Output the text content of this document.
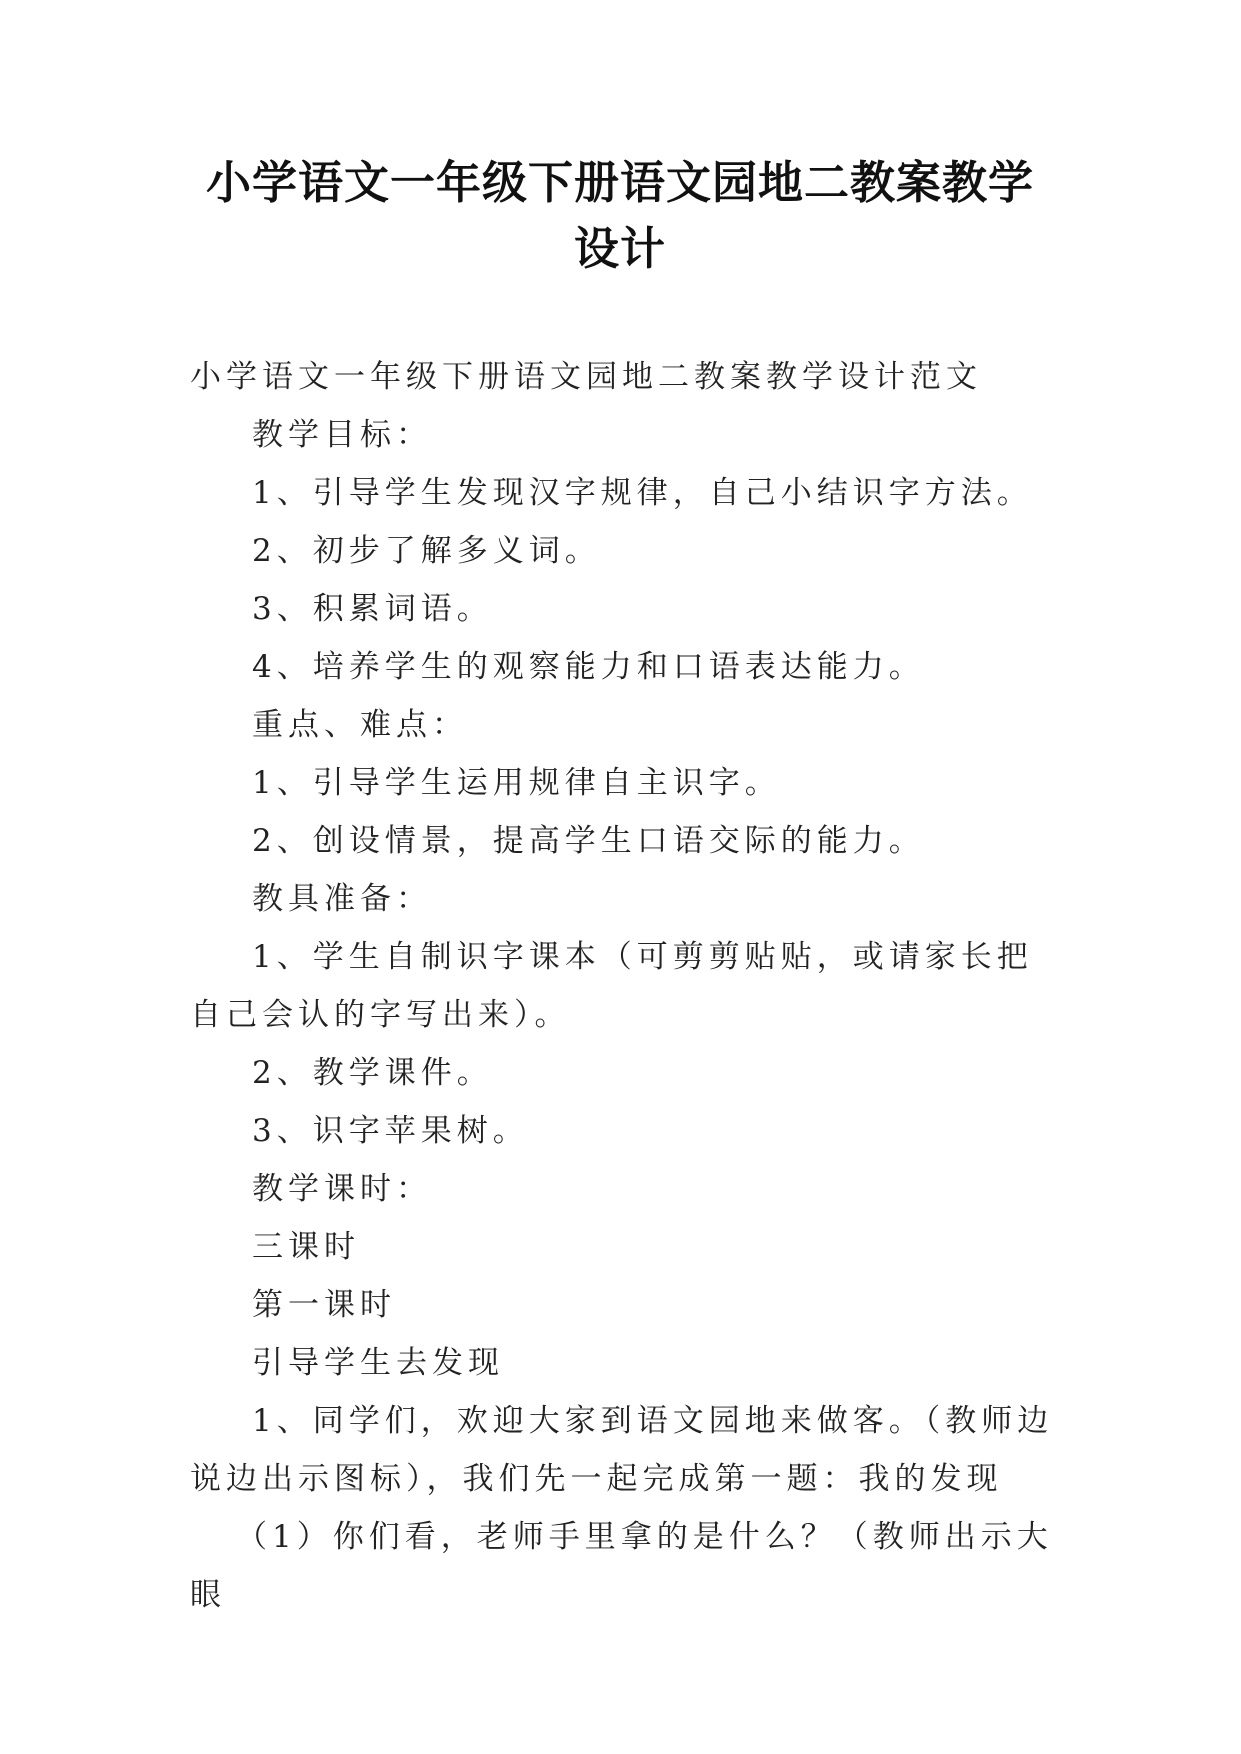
小学语文一年级下册语文园地二教案教学
设计

小学语文一年级下册语文园地二教案教学设计范文

教学目标：

1、引导学生发现汉字规律，自己小结识字方法。

2、初步了解多义词。

3、积累词语。

4、培养学生的观察能力和口语表达能力。

重点、难点：

1、引导学生运用规律自主识字。

2、创设情景，提高学生口语交际的能力。

教具准备：

1、学生自制识字课本（可剪剪贴贴，或请家长把自己会认的字写出来）。

2、教学课件。

3、识字苹果树。

教学课时：

三课时

第一课时

引导学生去发现

1、同学们，欢迎大家到语文园地来做客。（教师边说边出示图标），我们先一起完成第一题：我的发现

（1）你们看，老师手里拿的是什么？（教师出示大眼
